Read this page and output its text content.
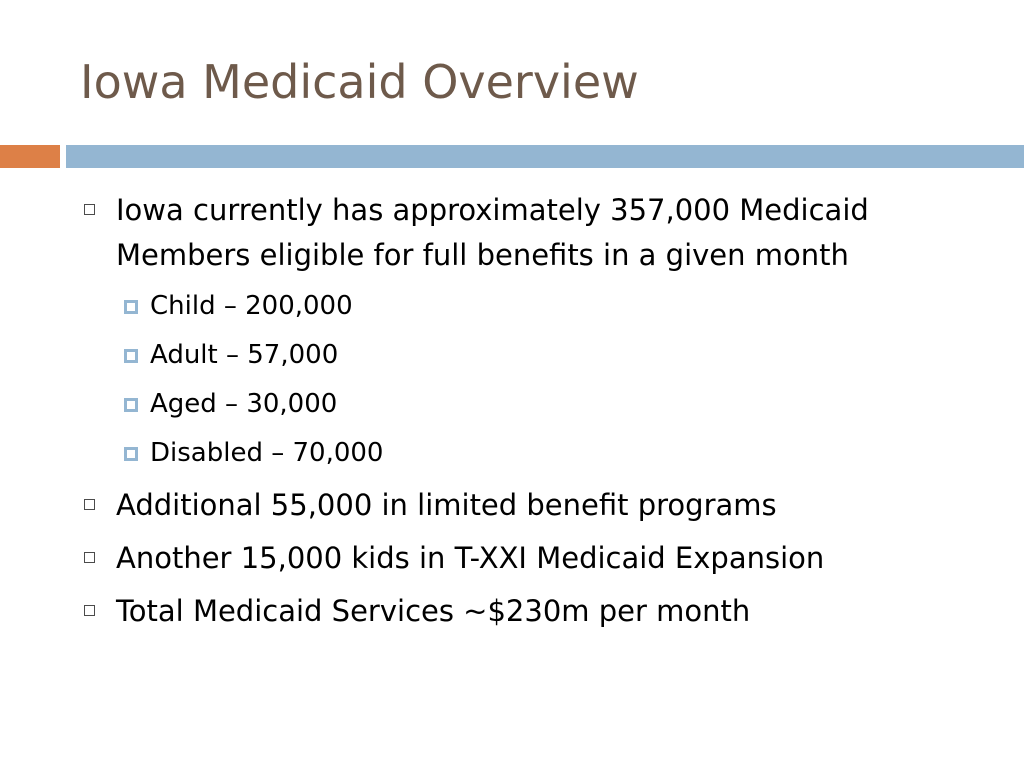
Iowa Medicaid Overview
Iowa currently has approximately 357,000 Medicaid Members eligible for full benefits in a given month
Child – 200,000
Adult – 57,000
Aged – 30,000
Disabled – 70,000
Additional 55,000 in limited benefit programs
Another 15,000 kids in T-XXI Medicaid Expansion
Total Medicaid Services ~$230m per month
